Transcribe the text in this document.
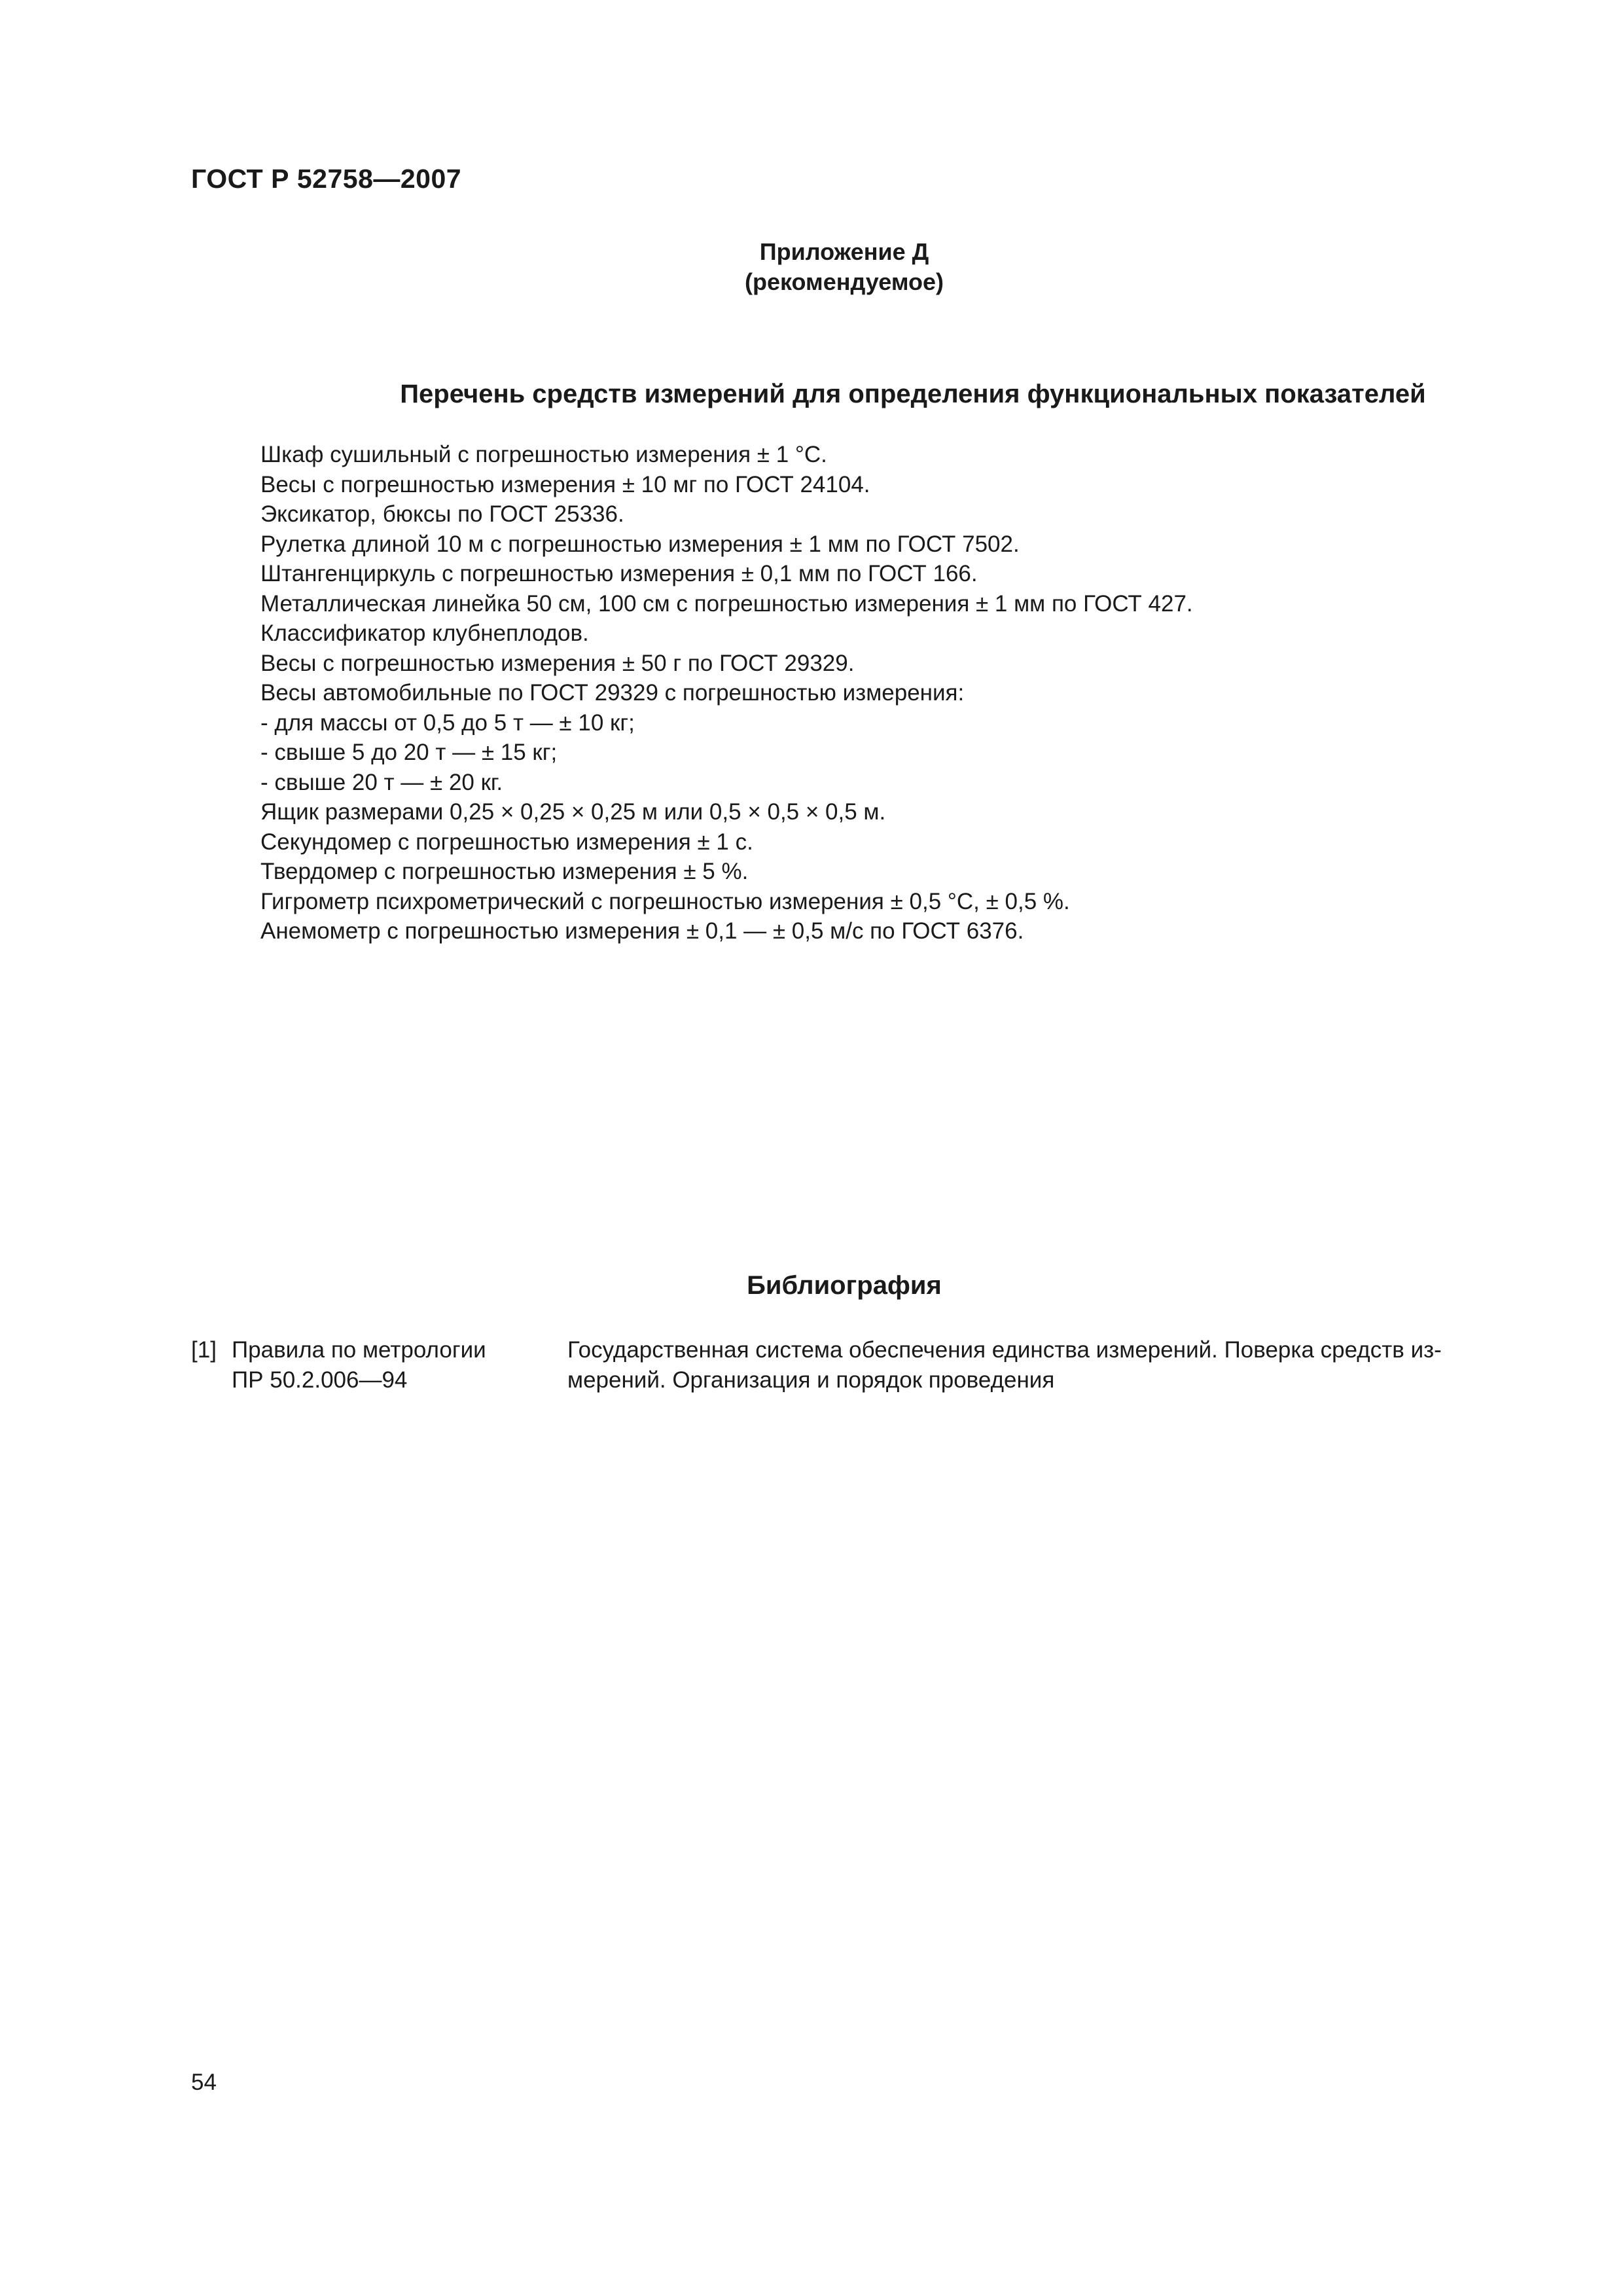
ГОСТ Р 52758—2007
Приложение Д
(рекомендуемое)
Перечень средств измерений для определения функциональных показателей
Шкаф сушильный с погрешностью измерения ± 1 °С.
Весы с погрешностью измерения ± 10 мг по ГОСТ 24104.
Эксикатор, бюксы по ГОСТ 25336.
Рулетка длиной 10 м с погрешностью измерения ± 1 мм по ГОСТ 7502.
Штангенциркуль с погрешностью измерения ± 0,1 мм по ГОСТ 166.
Металлическая линейка 50 см, 100 см с погрешностью измерения ± 1 мм по ГОСТ 427.
Классификатор клубнеплодов.
Весы с погрешностью измерения ± 50 г по ГОСТ 29329.
Весы автомобильные по ГОСТ 29329 с погрешностью измерения:
- для массы от 0,5 до 5 т — ± 10 кг;
- свыше 5 до 20 т — ± 15 кг;
- свыше 20 т — ± 20 кг.
Ящик размерами 0,25 × 0,25 × 0,25 м или 0,5 × 0,5 × 0,5 м.
Секундомер с погрешностью измерения ± 1 с.
Твердомер с погрешностью измерения ± 5 %.
Гигрометр психрометрический с погрешностью измерения ± 0,5 °С, ± 0,5 %.
Анемометр с погрешностью измерения ± 0,1 — ± 0,5 м/с по ГОСТ 6376.
Библиография
[1] Правила по метрологии
ПР 50.2.006—94
Государственная система обеспечения единства измерений. Поверка средств из-
мерений. Организация и порядок проведения
54
